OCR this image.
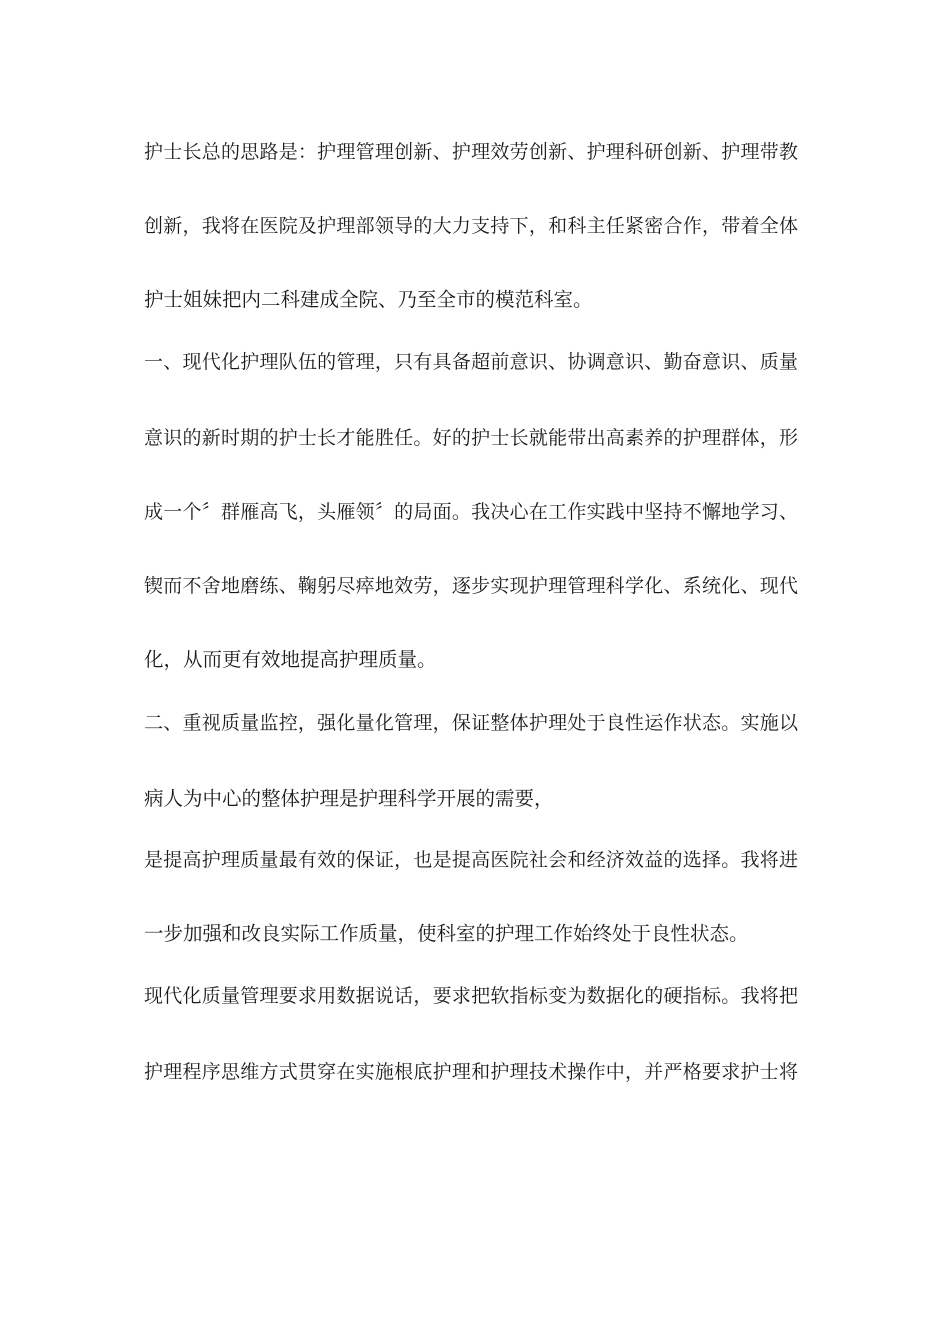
护士长总的思路是：护理管理创新、护理效劳创新、护理科研创新、护理带教
创新，我将在医院及护理部领导的大力支持下，和科主任紧密合作，带着全体
护士姐妹把内二科建成全院、乃至全市的模范科室。
一、现代化护理队伍的管理，只有具备超前意识、协调意识、勤奋意识、质量
意识的新时期的护士长才能胜任。好的护士长就能带出高素养的护理群体，形
成一个〞群雁高飞，头雁领〞的局面。我决心在工作实践中坚持不懈地学习、
锲而不舍地磨练、鞠躬尽瘁地效劳，逐步实现护理管理科学化、系统化、现代
化，从而更有效地提高护理质量。
二、重视质量监控，强化量化管理，保证整体护理处于良性运作状态。实施以
病人为中心的整体护理是护理科学开展的需要，
是提高护理质量最有效的保证，也是提高医院社会和经济效益的选择。我将进
一步加强和改良实际工作质量，使科室的护理工作始终处于良性状态。
现代化质量管理要求用数据说话，要求把软指标变为数据化的硬指标。我将把
护理程序思维方式贯穿在实施根底护理和护理技术操作中，并严格要求护士将
